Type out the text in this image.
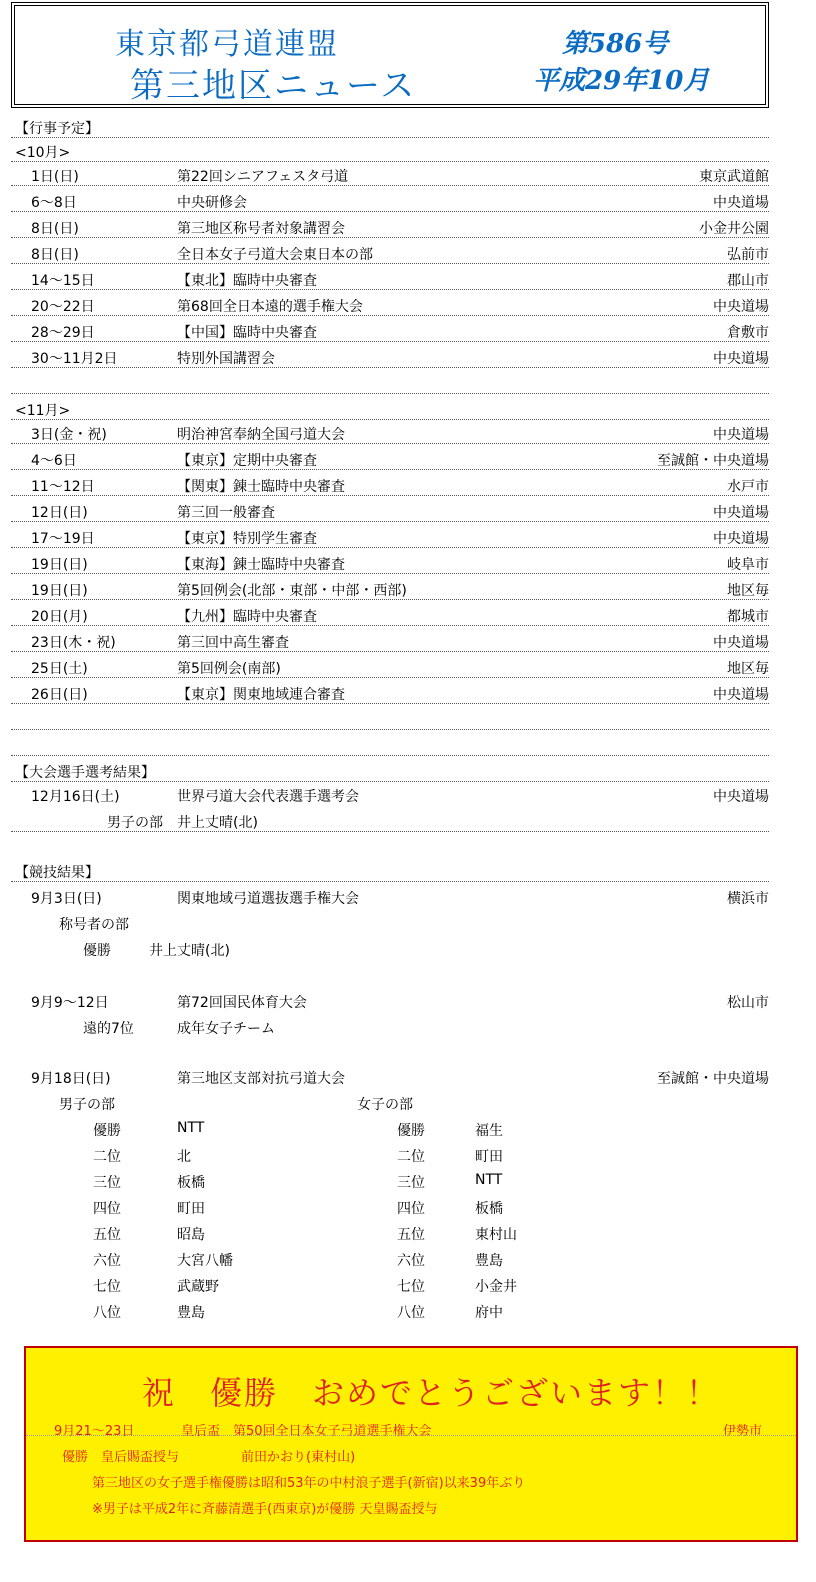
東京都弓道連盟
第三地区ニュース
第586号
平成29年10月
【行事予定】
<10月>
1日(日)	第22回シニアフェスタ弓道	東京武道館
6～8日	中央研修会	中央道場
8日(日)	第三地区称号者対象講習会	小金井公園
8日(日)	全日本女子弓道大会東日本の部	弘前市
14～15日	【東北】臨時中央審査	郡山市
20～22日	第68回全日本遠的選手権大会	中央道場
28～29日	【中国】臨時中央審査	倉敷市
30～11月2日	特別外国講習会	中央道場
<11月>
3日(金・祝)	明治神宮奉納全国弓道大会	中央道場
4～6日	【東京】定期中央審査	至誠館・中央道場
11～12日	【関東】錬士臨時中央審査	水戸市
12日(日)	第三回一般審査	中央道場
17～19日	【東京】特別学生審査	中央道場
19日(日)	【東海】錬士臨時中央審査	岐阜市
19日(日)	第5回例会(北部・東部・中部・西部)	地区毎
20日(月)	【九州】臨時中央審査	都城市
23日(木・祝)	第三回中高生審査	中央道場
25日(土)	第5回例会(南部)	地区毎
26日(日)	【東京】関東地域連合審査	中央道場
【大会選手選考結果】
12月16日(土)	世界弓道大会代表選手選考会	中央道場
男子の部 井上丈晴(北)
【競技結果】
9月3日(日)	関東地域弓道選抜選手権大会	横浜市
称号者の部
優勝	井上丈晴(北)
9月9～12日	第72回国民体育大会	松山市
遠的7位	成年女子チーム
9月18日(日)	第三地区支部対抗弓道大会	至誠館・中央道場
男子の部	女子の部
優勝	NTT	優勝	福生
二位	北	二位	町田
三位	板橋	三位	NTT
四位	町田	四位	板橋
五位	昭島	五位	東村山
六位	大宮八幡	六位	豊島
七位	武蔵野	七位	小金井
八位	豊島	八位	府中
祝　優勝　おめでとうございます！！
9月21～23日	皇后盃　第50回全日本女子弓道選手権大会	伊勢市
優勝　皇后賜盃授与	前田かおり(東村山)
第三地区の女子選手権優勝は昭和53年の中村浪子選手(新宿)以来39年ぶり
※男子は平成2年に斉藤清選手(西東京)が優勝 天皇賜盃授与
